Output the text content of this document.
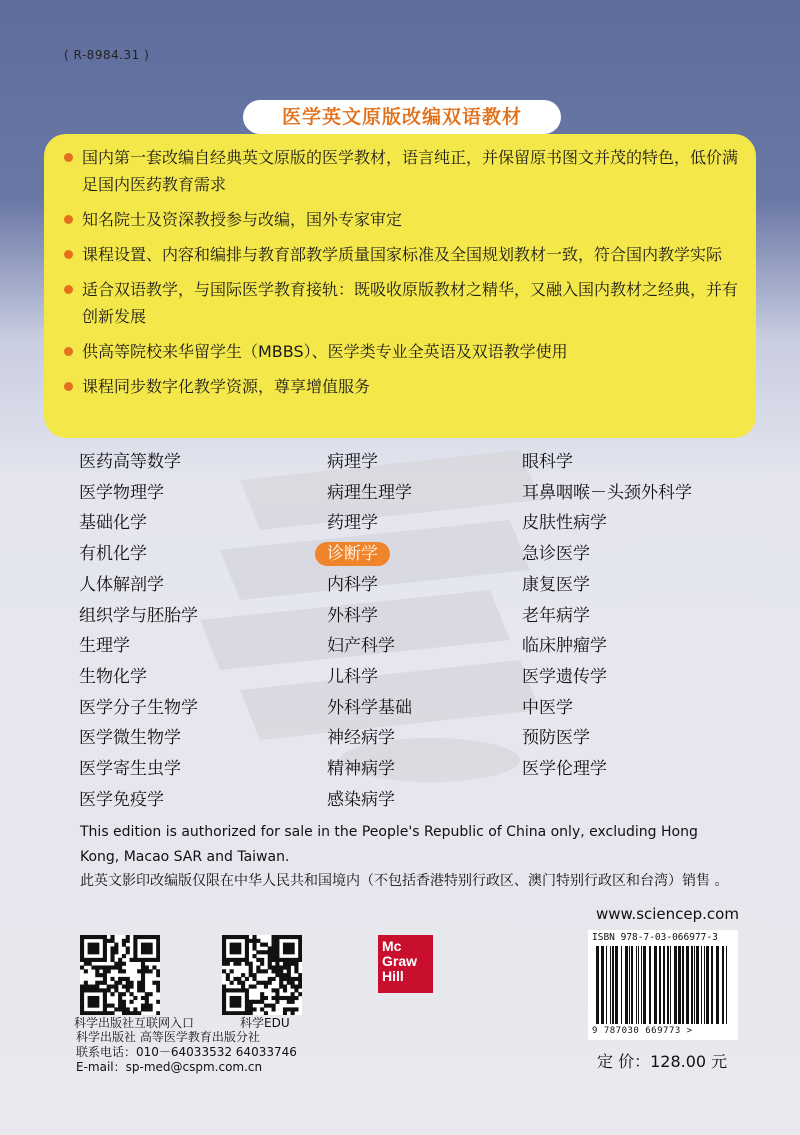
( R-8984.31 )
医学英文原版改编双语教材
国内第一套改编自经典英文原版的医学教材，语言纯正，并保留原书图文并茂的特色，低价满足国内医药教育需求
知名院士及资深教授参与改编，国外专家审定
课程设置、内容和编排与教育部教学质量国家标准及全国规划教材一致，符合国内教学实际
适合双语教学，与国际医学教育接轨：既吸收原版教材之精华，又融入国内教材之经典，并有创新发展
供高等院校来华留学生（MBBS）、医学类专业全英语及双语教学使用
课程同步数字化教学资源，尊享增值服务
医药高等数学
医学物理学
基础化学
有机化学
人体解剖学
组织学与胚胎学
生理学
生物化学
医学分子生物学
医学微生物学
医学寄生虫学
医学免疫学
病理学
病理生理学
药理学
诊断学
内科学
外科学
妇产科学
儿科学
外科学基础
神经病学
精神病学
感染病学
眼科学
耳鼻咽喉－头颈外科学
皮肤性病学
急诊医学
康复医学
老年病学
临床肿瘤学
医学遗传学
中医学
预防医学
医学伦理学
This edition is authorized for sale in the People's Republic of China only, excluding Hong Kong, Macao SAR and Taiwan.
此英文影印改编版仅限在中华人民共和国境内（不包括香港特别行政区、澳门特别行政区和台湾）销售 。
www.sciencep.com
科学出版社互联网入口	科学EDU
科学出版社 高等医学教育出版分社
联系电话：010－64033532 64033746
E-mail：sp-med@cspm.com.cn
Mc
Graw
Hill
ISBN 978-7-03-066977-3
9 787030 669773 >
定 价：128.00 元
